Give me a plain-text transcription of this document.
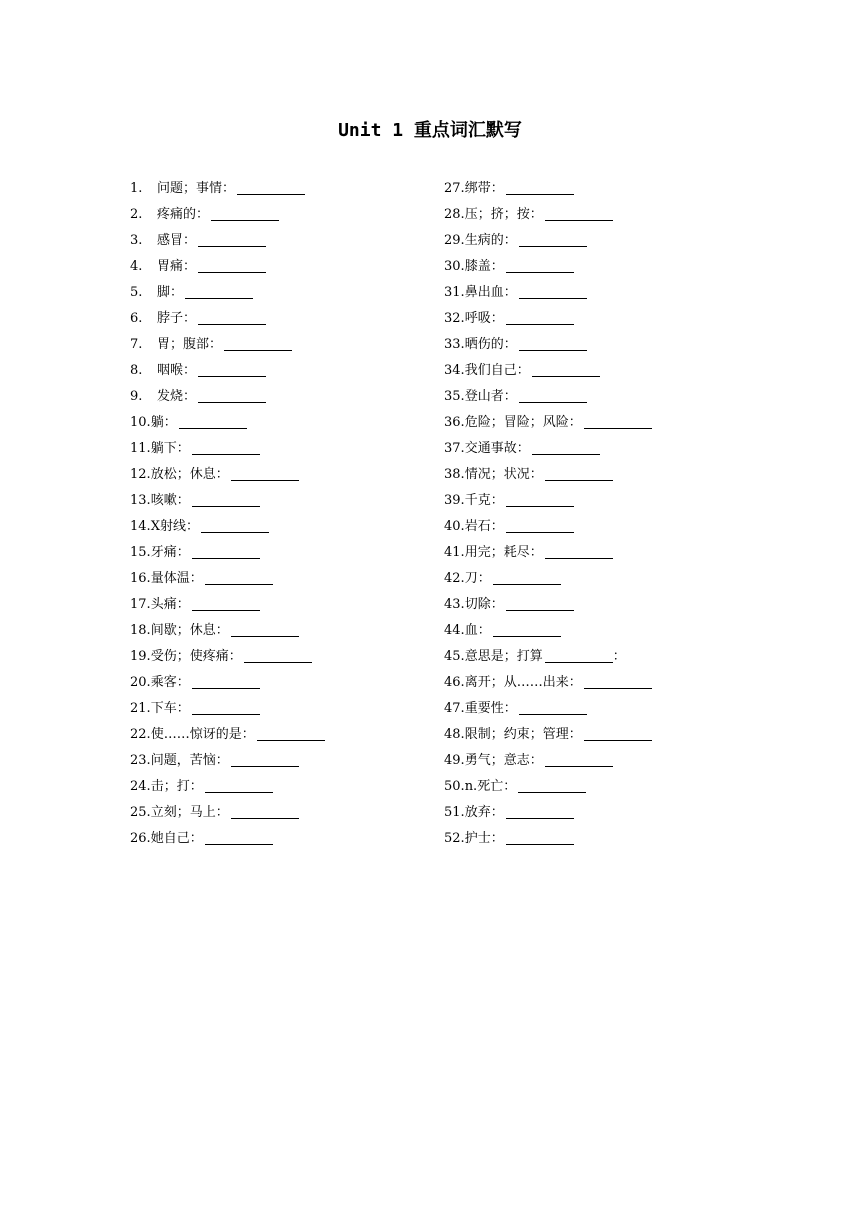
Unit 1 重点词汇默写
1.	问题；事情：
2.	疼痛的：
3.	感冒：
4.	胃痛：
5.	脚：
6.	脖子：
7.	胃；腹部：
8.	咽喉：
9.	发烧：
10. 躺：
11. 躺下：
12. 放松；休息：
13. 咳嗽：
14. X射线：
15. 牙痛：
16. 量体温：
17. 头痛：
18. 间歇；休息：
19. 受伤；使疼痛：
20. 乘客：
21. 下车：
22. 使……惊讶的是：
23. 问题，苦恼：
24. 击；打：
25. 立刻；马上：
26. 她自己：
27. 绑带：
28. 压；挤；按：
29. 生病的：
30. 膝盖：
31. 鼻出血：
32. 呼吸：
33. 晒伤的：
34. 我们自己：
35. 登山者：
36. 危险；冒险；风险：
37. 交通事故：
38. 情况；状况：
39. 千克：
40. 岩石：
41. 用完；耗尽：
42. 刀：
43. 切除：
44. 血：
45. 意思是；打算	：
46. 离开；从……出来：
47. 重要性：
48. 限制；约束；管理：
49. 勇气；意志：
50. n.死亡：
51. 放弃：
52. 护士：
